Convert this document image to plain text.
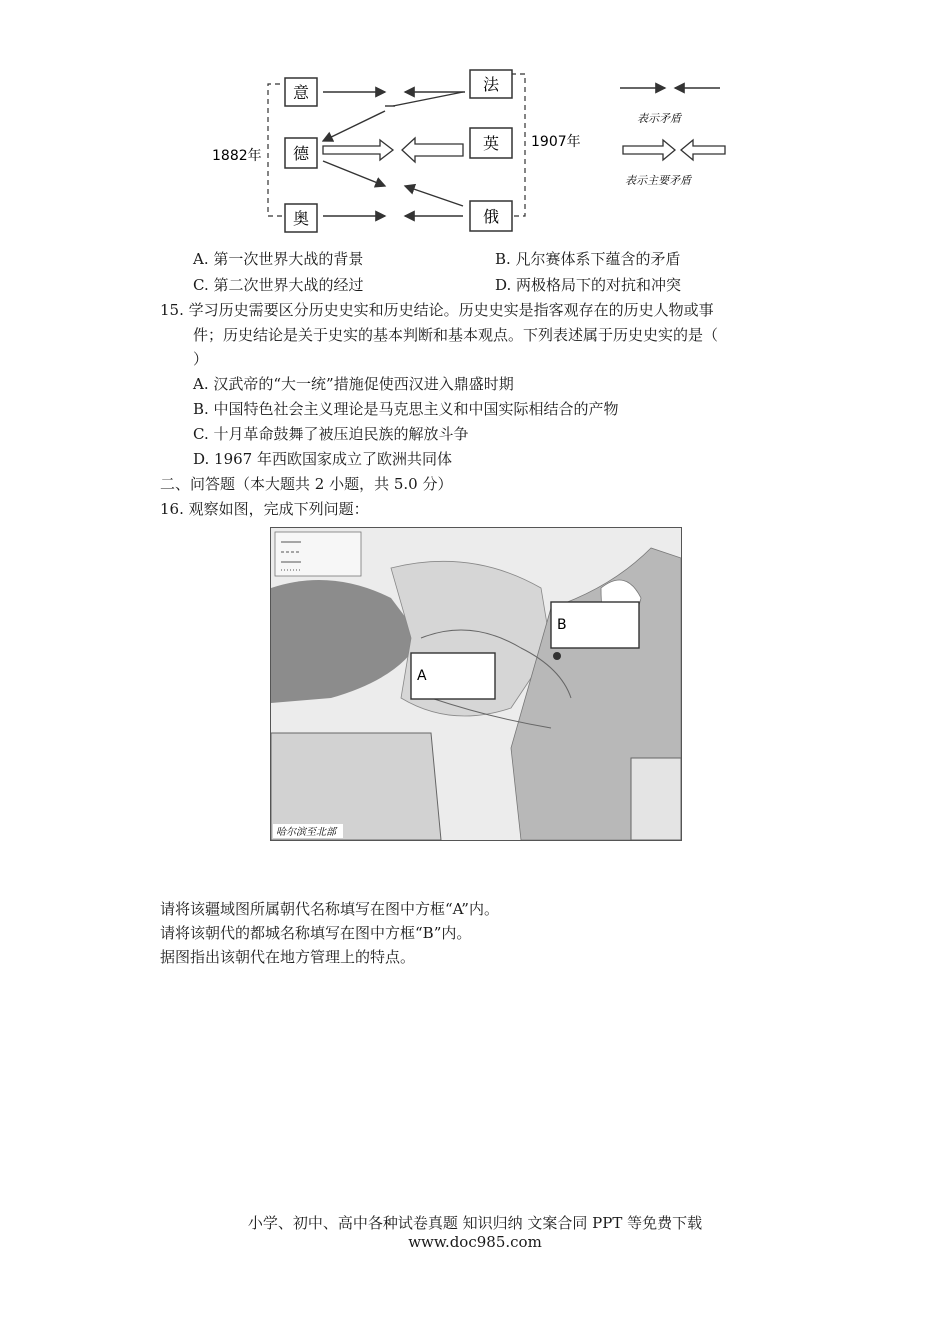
意
德
奥
法
英
俄
1882年
1907年
表示矛盾
表示主要矛盾
A. 第一次世界大战的背景	B. 凡尔赛体系下蕴含的矛盾
C. 第二次世界大战的经过	D. 两极格局下的对抗和冲突
15. 学习历史需要区分历史史实和历史结论。历史史实是指客观存在的历史人物或事
件；历史结论是关于史实的基本判断和基本观点。下列表述属于历史史实的是（
）
A. 汉武帝的“大一统”措施促使西汉进入鼎盛时期
B. 中国特色社会主义理论是马克思主义和中国实际相结合的产物
C. 十月革命鼓舞了被压迫民族的解放斗争
D. 1967 年西欧国家成立了欧洲共同体
二、问答题（本大题共 2 小题，共 5.0 分）
16. 观察如图，完成下列问题：
A
B
哈尔滨至北部
请将该疆域图所属朝代名称填写在图中方框“A”内。
请将该朝代的都城名称填写在图中方框“B”内。
据图指出该朝代在地方管理上的特点。
小学、初中、高中各种试卷真题 知识归纳 文案合同 PPT 等免费下载
www.doc985.com
